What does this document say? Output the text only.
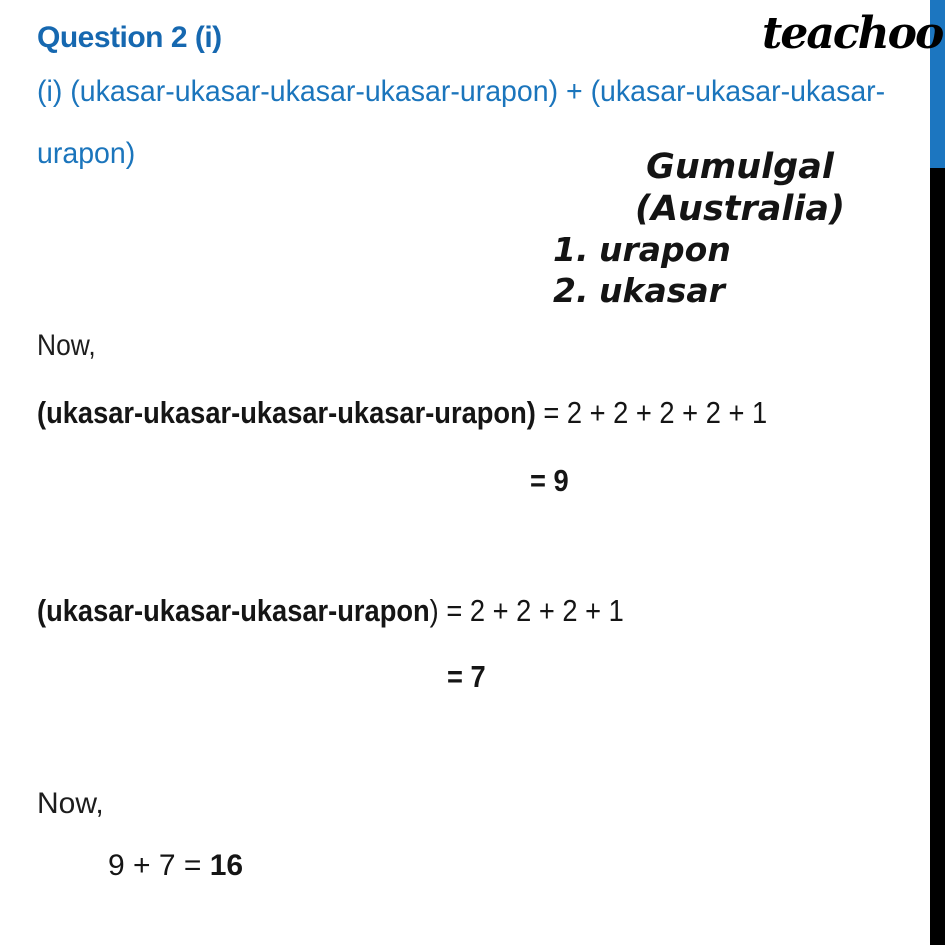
Question 2 (i)	teachoo
(i) (ukasar-ukasar-ukasar-ukasar-urapon) + (ukasar-ukasar-ukasar-
urapon)	Gumulgal
(Australia)
1. urapon
2. ukasar
Now,
(ukasar-ukasar-ukasar-ukasar-urapon) = 2 + 2 + 2 + 2 + 1
= 9
(ukasar-ukasar-ukasar-urapon) = 2 + 2 + 2 + 1
= 7
Now,
9 + 7 = 16
